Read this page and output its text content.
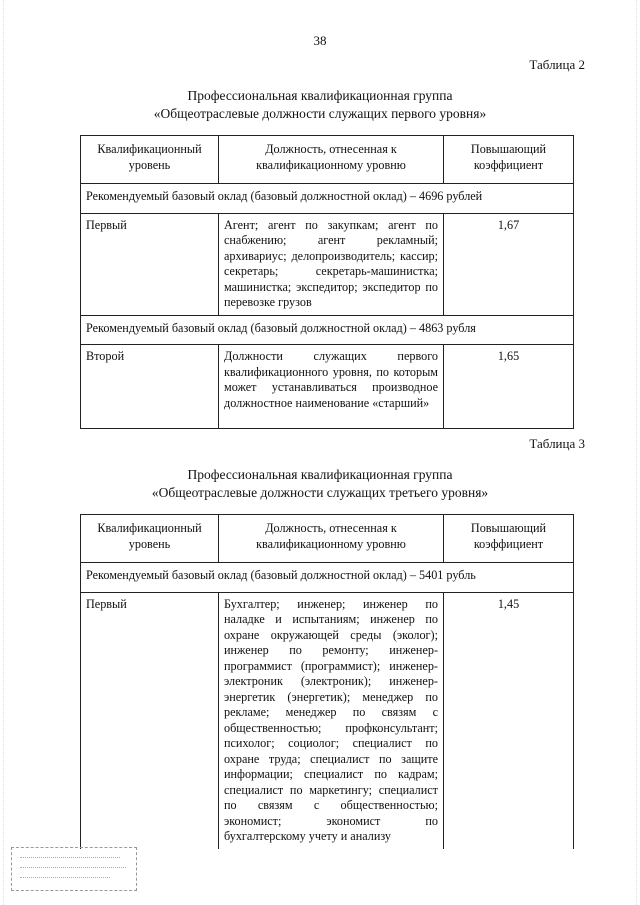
38
Таблица 2
Профессиональная квалификационная группа
«Общеотраслевые должности служащих первого уровня»
Квалификационный уровень	Должность, отнесенная к квалификационному уровню	Повышающий коэффициент
Рекомендуемый базовый оклад (базовый должностной оклад) – 4696 рублей		
Первый	Агент; агент по закупкам; агент по снабжению; агент рекламный; архивариус; делопроизводитель; кассир; секретарь; секретарь-машинистка; машинистка; экспедитор; экспедитор по перевозке грузов	1,67
Рекомендуемый базовый оклад (базовый должностной оклад) – 4863 рубля		
Второй	Должности служащих первого квалификационного уровня, по которым может устанавливаться производное должностное наименование «старший»	1,65
Таблица 3
Профессиональная квалификационная группа
«Общеотраслевые должности служащих третьего уровня»
Квалификационный уровень	Должность, отнесенная к квалификационному уровню	Повышающий коэффициент
Рекомендуемый базовый оклад (базовый должностной оклад) – 5401 рубль		
Первый	Бухгалтер; инженер; инженер по наладке и испытаниям; инженер по охране окружающей среды (эколог); инженер по ремонту; инженер-программист (программист); инженер-электроник (электроник); инженер-энергетик (энергетик); менеджер по рекламе; менеджер по связям с общественностью; профконсультант; психолог; социолог; специалист по охране труда; специалист по защите информации; специалист по кадрам; специалист по маркетингу; специалист по связям с общественностью; экономист; экономист по бухгалтерскому учету и анализу	1,45
